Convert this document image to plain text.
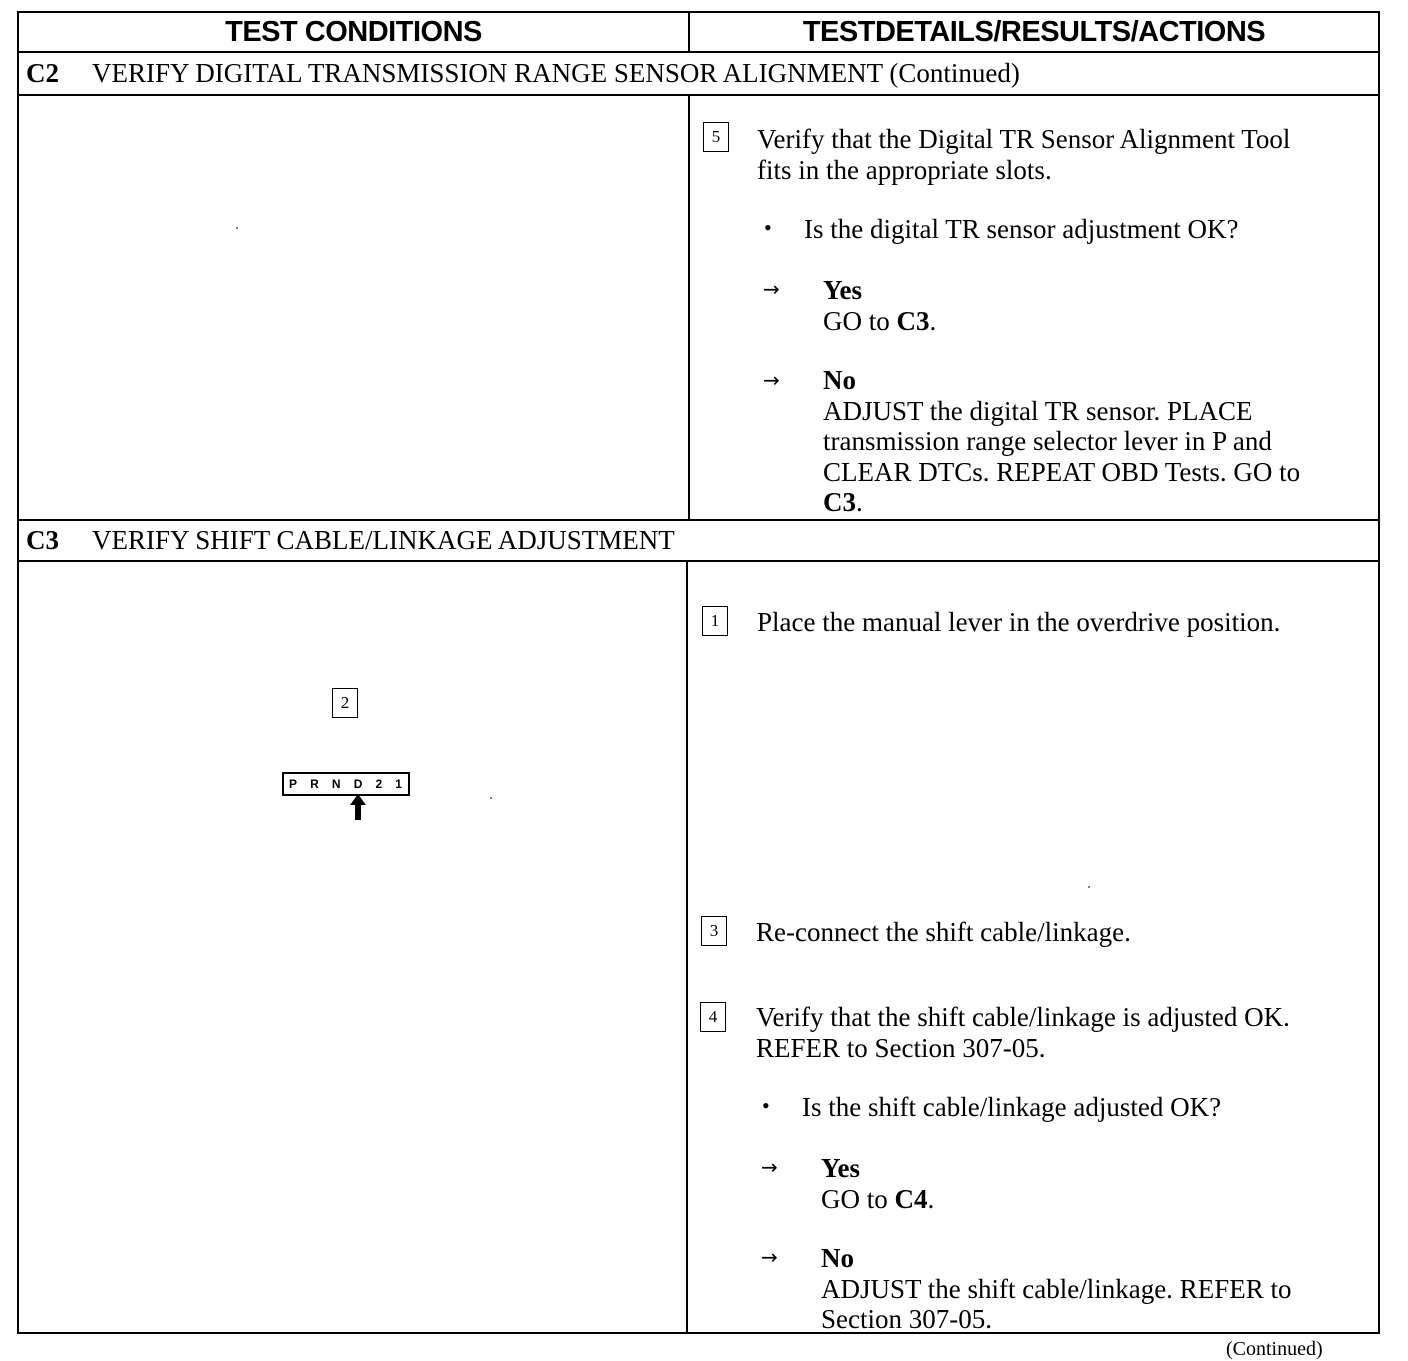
TEST CONDITIONS	TESTDETAILS/RESULTS/ACTIONS
C2 VERIFY DIGITAL TRANSMISSION RANGE SENSOR ALIGNMENT (Continued)
5	Verify that the Digital TR Sensor Alignment Tool
fits in the appropriate slots.
• Is the digital TR sensor adjustment OK?
→ Yes
GO to C3.
→ No
ADJUST the digital TR sensor. PLACE
transmission range selector lever in P and
CLEAR DTCs. REPEAT OBD Tests. GO to
C3.
C3 VERIFY SHIFT CABLE/LINKAGE ADJUSTMENT
2
P R N D 2 1
1	Place the manual lever in the overdrive position.
3	Re-connect the shift cable/linkage.
4	Verify that the shift cable/linkage is adjusted OK.
REFER to Section 307-05.
• Is the shift cable/linkage adjusted OK?
→ Yes
GO to C4.
→ No
ADJUST the shift cable/linkage. REFER to
Section 307-05.
(Continued)
